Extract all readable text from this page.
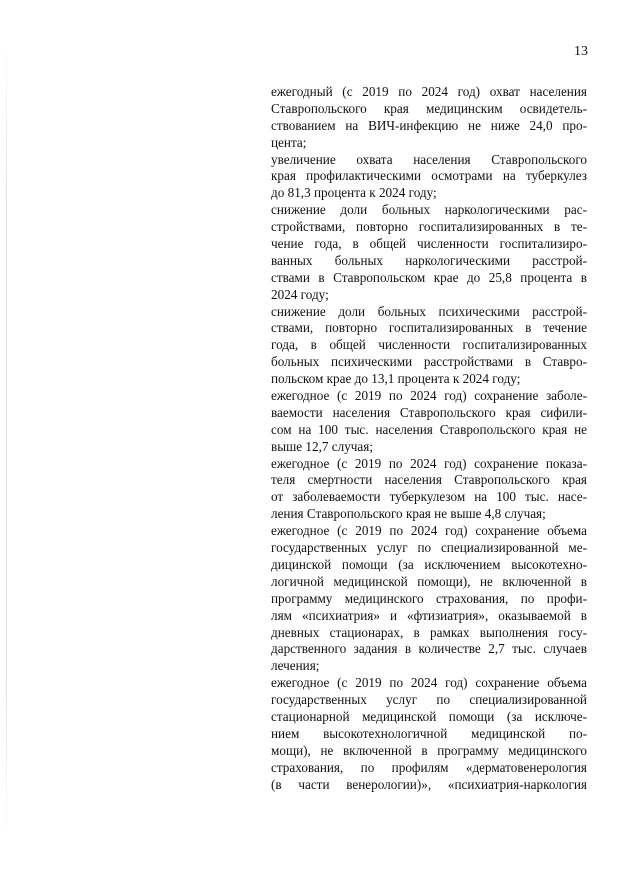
13
ежегодный (с 2019 по 2024 год) охват населения
Ставропольского края медицинским освидетель-
ствованием на ВИЧ-инфекцию не ниже 24,0 про-
цента;
увеличение охвата населения Ставропольского
края профилактическими осмотрами на туберкулез
до 81,3 процента к 2024 году;
снижение доли больных наркологическими рас-
стройствами, повторно госпитализированных в те-
чение года, в общей численности госпитализиро-
ванных больных наркологическими расстрой-
ствами в Ставропольском крае до 25,8 процента в
2024 году;
снижение доли больных психическими расстрой-
ствами, повторно госпитализированных в течение
года, в общей численности госпитализированных
больных психическими расстройствами в Ставро-
польском крае до 13,1 процента к 2024 году;
ежегодное (с 2019 по 2024 год) сохранение заболе-
ваемости населения Ставропольского края сифили-
сом на 100 тыс. населения Ставропольского края не
выше 12,7 случая;
ежегодное (с 2019 по 2024 год) сохранение показа-
теля смертности населения Ставропольского края
от заболеваемости туберкулезом на 100 тыс. насе-
ления Ставропольского края не выше 4,8 случая;
ежегодное (с 2019 по 2024 год) сохранение объема
государственных услуг по специализированной ме-
дицинской помощи (за исключением высокотехно-
логичной медицинской помощи), не включенной в
программу медицинского страхования, по профи-
лям «психиатрия» и «фтизиатрия», оказываемой в
дневных стационарах, в рамках выполнения госу-
дарственного задания в количестве 2,7 тыс. случаев
лечения;
ежегодное (с 2019 по 2024 год) сохранение объема
государственных услуг по специализированной
стационарной медицинской помощи (за исключе-
нием высокотехнологичной медицинской по-
мощи), не включенной в программу медицинского
страхования, по профилям «дерматовенерология
(в части венерологии)», «психиатрия-наркология
